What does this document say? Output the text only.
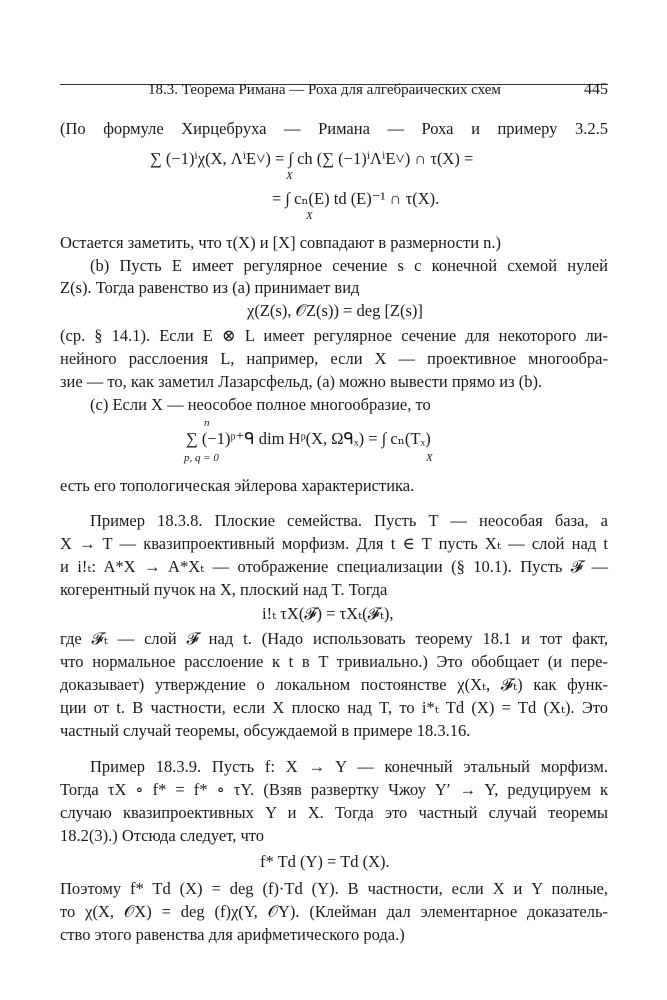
18.3. Теорема Римана — Роха для алгебраических схем	445
(По формуле Хирцебруха — Римана — Роха и примеру 3.2.5
∑ (−1)ⁱχ(X, ΛⁱE˅) = ∫ ch (∑ (−1)ⁱΛⁱE˅) ∩ τ(X) =
X
= ∫ cₙ(E) td (E)⁻¹ ∩ τ(X).
X
Остается заметить, что τ(X) и [X] совпадают в размерности n.)
(b) Пусть E имеет регулярное сечение s с конечной схемой нулей
Z(s). Тогда равенство из (a) принимает вид
χ(Z(s), 𝒪Z(s)) = deg [Z(s)]
(ср. § 14.1). Если E ⊗ L имеет регулярное сечение для некоторого ли-
нейного расслоения L, например, если X — проективное многообра-
зие — то, как заметил Лазарсфельд, (a) можно вывести прямо из (b).
(c) Если X — неособое полное многообразие, то
n
∑ (−1)ᵖ⁺ᑫ dim Hᵖ(X, Ωᑫₓ) = ∫ cₙ(Tₓ)
p, q = 0	X
есть его топологическая эйлерова характеристика.
Пример 18.3.8. Плоские семейства. Пусть T — неособая база, а
X → T — квазипроективный морфизм. Для t ∈ T пусть Xₜ — слой над t
и i!ₜ: A*X → A*Xₜ — отображение специализации (§ 10.1). Пусть 𝓕 —
когерентный пучок на X, плоский над T. Тогда
i!ₜ τX(𝓕) = τXₜ(𝓕ₜ),
где 𝓕ₜ — слой 𝓕 над t. (Надо использовать теорему 18.1 и тот факт,
что нормальное расслоение к t в T тривиально.) Это обобщает (и пере-
доказывает) утверждение о локальном постоянстве χ(Xₜ, 𝓕ₜ) как функ-
ции от t. В частности, если X плоско над T, то i*ₜ Td (X) = Td (Xₜ). Это
частный случай теоремы, обсуждаемой в примере 18.3.16.
Пример 18.3.9. Пусть f: X → Y — конечный этальный морфизм.
Тогда τX ∘ f* = f* ∘ τY. (Взяв развертку Чжоу Y′ → Y, редуцируем к
случаю квазипроективных Y и X. Тогда это частный случай теоремы
18.2(3).) Отсюда следует, что
f* Td (Y) = Td (X).
Поэтому f* Td (X) = deg (f)·Td (Y). В частности, если X и Y полные,
то χ(X, 𝒪X) = deg (f)χ(Y, 𝒪Y). (Клейман дал элементарное доказатель-
ство этого равенства для арифметического рода.)
